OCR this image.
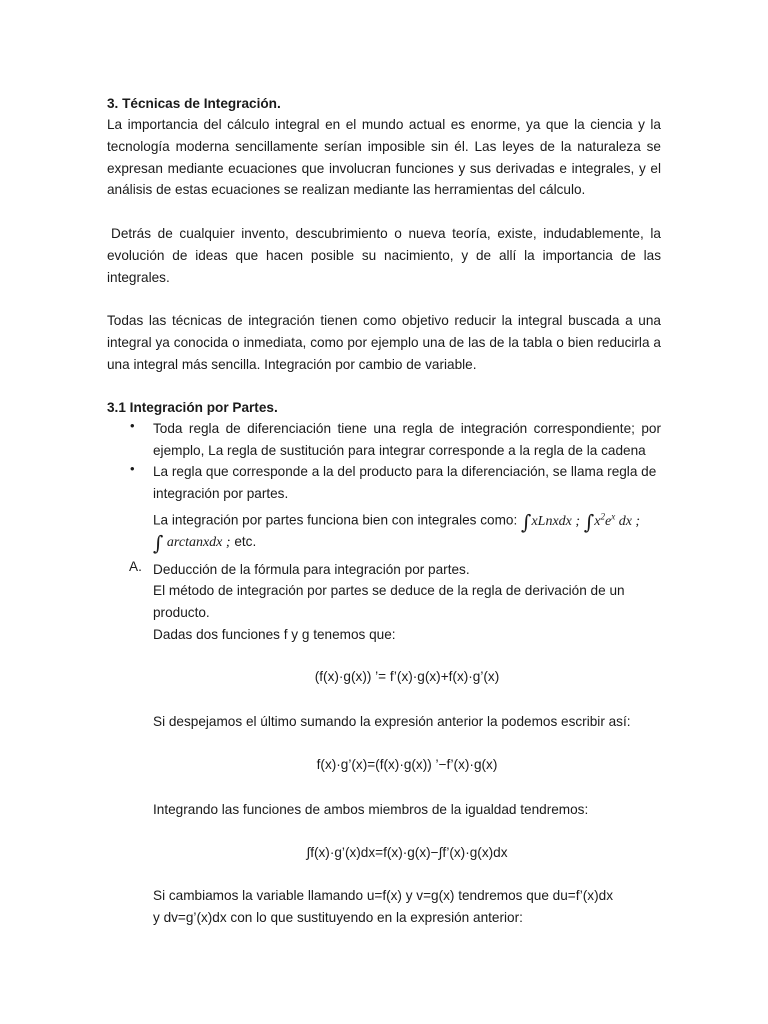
3. Técnicas de Integración.

La importancia del cálculo integral en el mundo actual es enorme, ya que la ciencia y la tecnología moderna sencillamente serían imposible sin él. Las leyes de la naturaleza se expresan mediante ecuaciones que involucran funciones y sus derivadas e integrales, y el análisis de estas ecuaciones se realizan mediante las herramientas del cálculo.

Detrás de cualquier invento, descubrimiento o nueva teoría, existe, indudablemente, la evolución de ideas que hacen posible su nacimiento, y de allí la importancia de las integrales.

Todas las técnicas de integración tienen como objetivo reducir la integral buscada a una integral ya conocida o inmediata, como por ejemplo una de las de la tabla o bien reducirla a una integral más sencilla. Integración por cambio de variable.

3.1 Integración por Partes.
• Toda regla de diferenciación tiene una regla de integración correspondiente; por ejemplo, La regla de sustitución para integrar corresponde a la regla de la cadena
• La regla que corresponde a la del producto para la diferenciación, se llama regla de integración por partes.
La integración por partes funciona bien con integrales como: ∫xLnxdx ; $\int x^2e^x$ dx ;
∫ arctanxdx ; etc.
A. Deducción de la fórmula para integración por partes.

El método de integración por partes se deduce de la regla de derivación de un producto.

Dadas dos funciones f y g tenemos que:

(f(x)·g(x)) ’= f’(x)·g(x)+f(x)·g’(x)

Si despejamos el último sumando la expresión anterior la podemos escribir así:

f(x)·g’(x)=(f(x)·g(x)) ’−f’(x)·g(x)

Integrando las funciones de ambos miembros de la igualdad tendremos:

∫f(x)·g’(x)dx=f(x)·g(x)−∫f’(x)·g(x)dx

Si cambiamos la variable llamando u=f(x) y v=g(x) tendremos que du=f’(x)dx

y dv=g’(x)dx con lo que sustituyendo en la expresión anterior:
